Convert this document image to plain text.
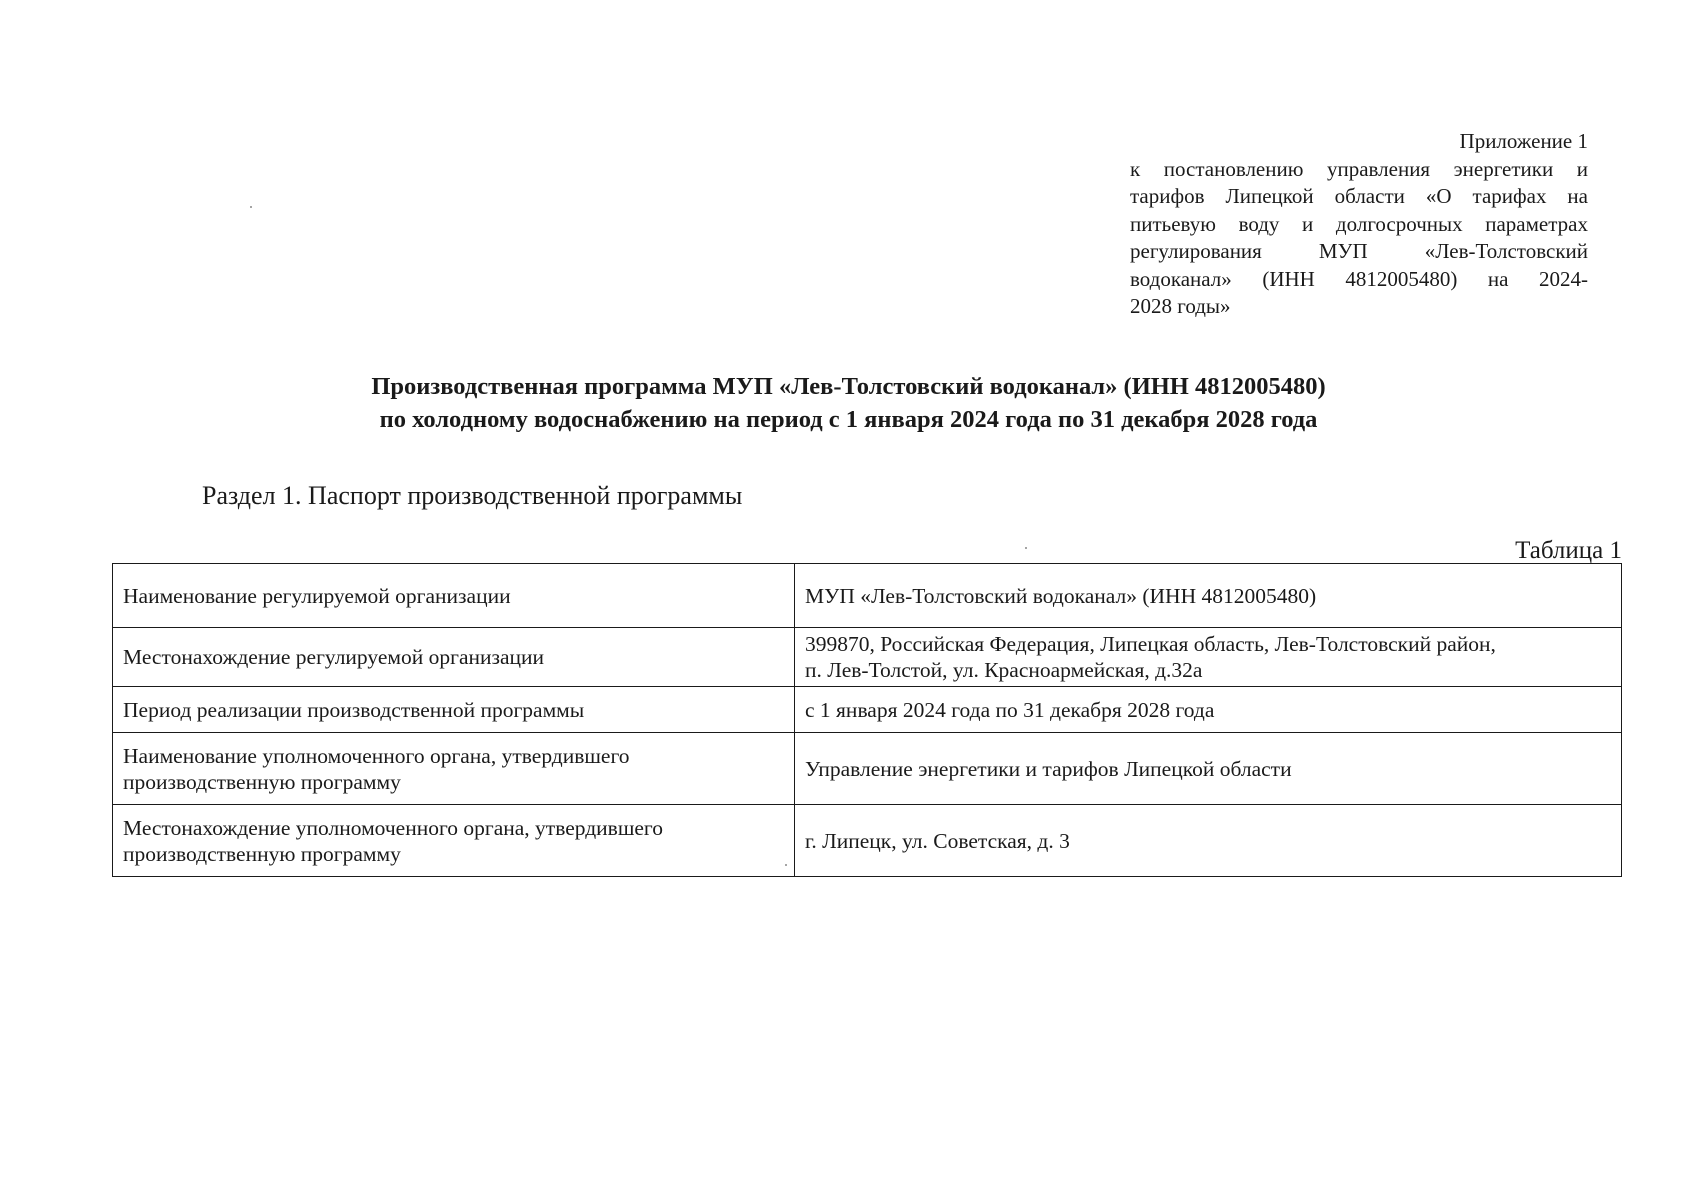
Приложение 1
к постановлению управления энергетики и
тарифов Липецкой области «О тарифах на
питьевую воду и долгосрочных параметрах
регулирования МУП «Лев-Толстовский
водоканал» (ИНН 4812005480) на 2024-
2028 годы»
Производственная программа МУП «Лев-Толстовский водоканал» (ИНН 4812005480)
по холодному водоснабжению на период с 1 января 2024 года по 31 декабря 2028 года
Раздел 1. Паспорт производственной программы
Таблица 1
Наименование регулируемой организации	МУП «Лев-Толстовский водоканал» (ИНН 4812005480)
Местонахождение регулируемой организации	399870, Российская Федерация, Липецкая область, Лев-Толстовский район,
п. Лев-Толстой, ул. Красноармейская, д.32а

Период реализации производственной программы	с 1 января 2024 года по 31 декабря 2028 года

Наименование уполномоченного органа, утвердившего
производственную программу	Управление энергетики и тарифов Липецкой области

Местонахождение уполномоченного органа, утвердившего
производственную программу	г. Липецк, ул. Советская, д. 3
